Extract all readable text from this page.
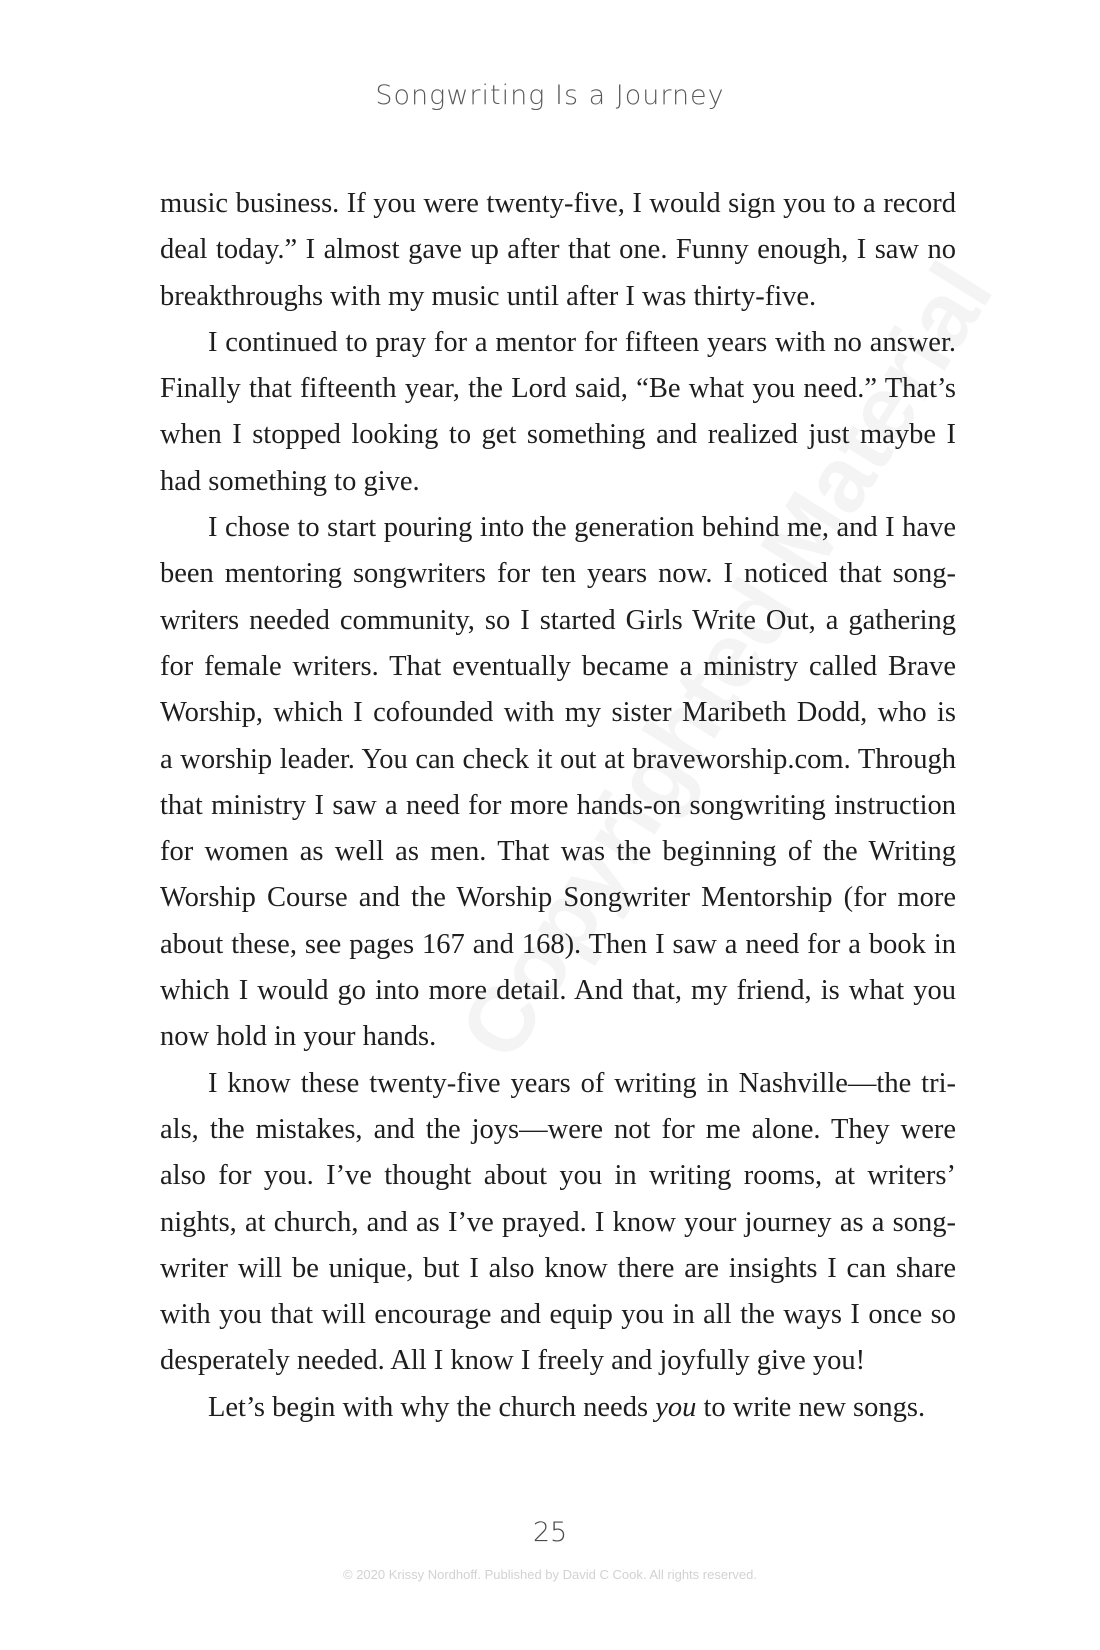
Songwriting Is a Journey

music business. If you were twenty-five, I would sign you to a record
deal today.” I almost gave up after that one. Funny enough, I saw no
breakthroughs with my music until after I was thirty-five.

I continued to pray for a mentor for fifteen years with no answer.
Finally that fifteenth year, the Lord said, “Be what you need.” That’s
when I stopped looking to get something and realized just maybe I
had something to give.

I chose to start pouring into the generation behind me, and I have
been mentoring songwriters for ten years now. I noticed that song-
writers needed community, so I started Girls Write Out, a gathering
for female writers. That eventually became a ministry called Brave
Worship, which I cofounded with my sister Maribeth Dodd, who is
a worship leader. You can check it out at braveworship.com. Through
that ministry I saw a need for more hands-on songwriting instruction
for women as well as men. That was the beginning of the Writing
Worship Course and the Worship Songwriter Mentorship (for more
about these, see pages 167 and 168). Then I saw a need for a book in
which I would go into more detail. And that, my friend, is what you
now hold in your hands.

I know these twenty-five years of writing in Nashville—the tri-
als, the mistakes, and the joys—were not for me alone. They were
also for you. I’ve thought about you in writing rooms, at writers’
nights, at church, and as I’ve prayed. I know your journey as a song-
writer will be unique, but I also know there are insights I can share
with you that will encourage and equip you in all the ways I once so
desperately needed. All I know I freely and joyfully give you!

Let’s begin with why the church needs you to write new songs.

25
© 2020 Krissy Nordhoff. Published by David C Cook. All rights reserved.
